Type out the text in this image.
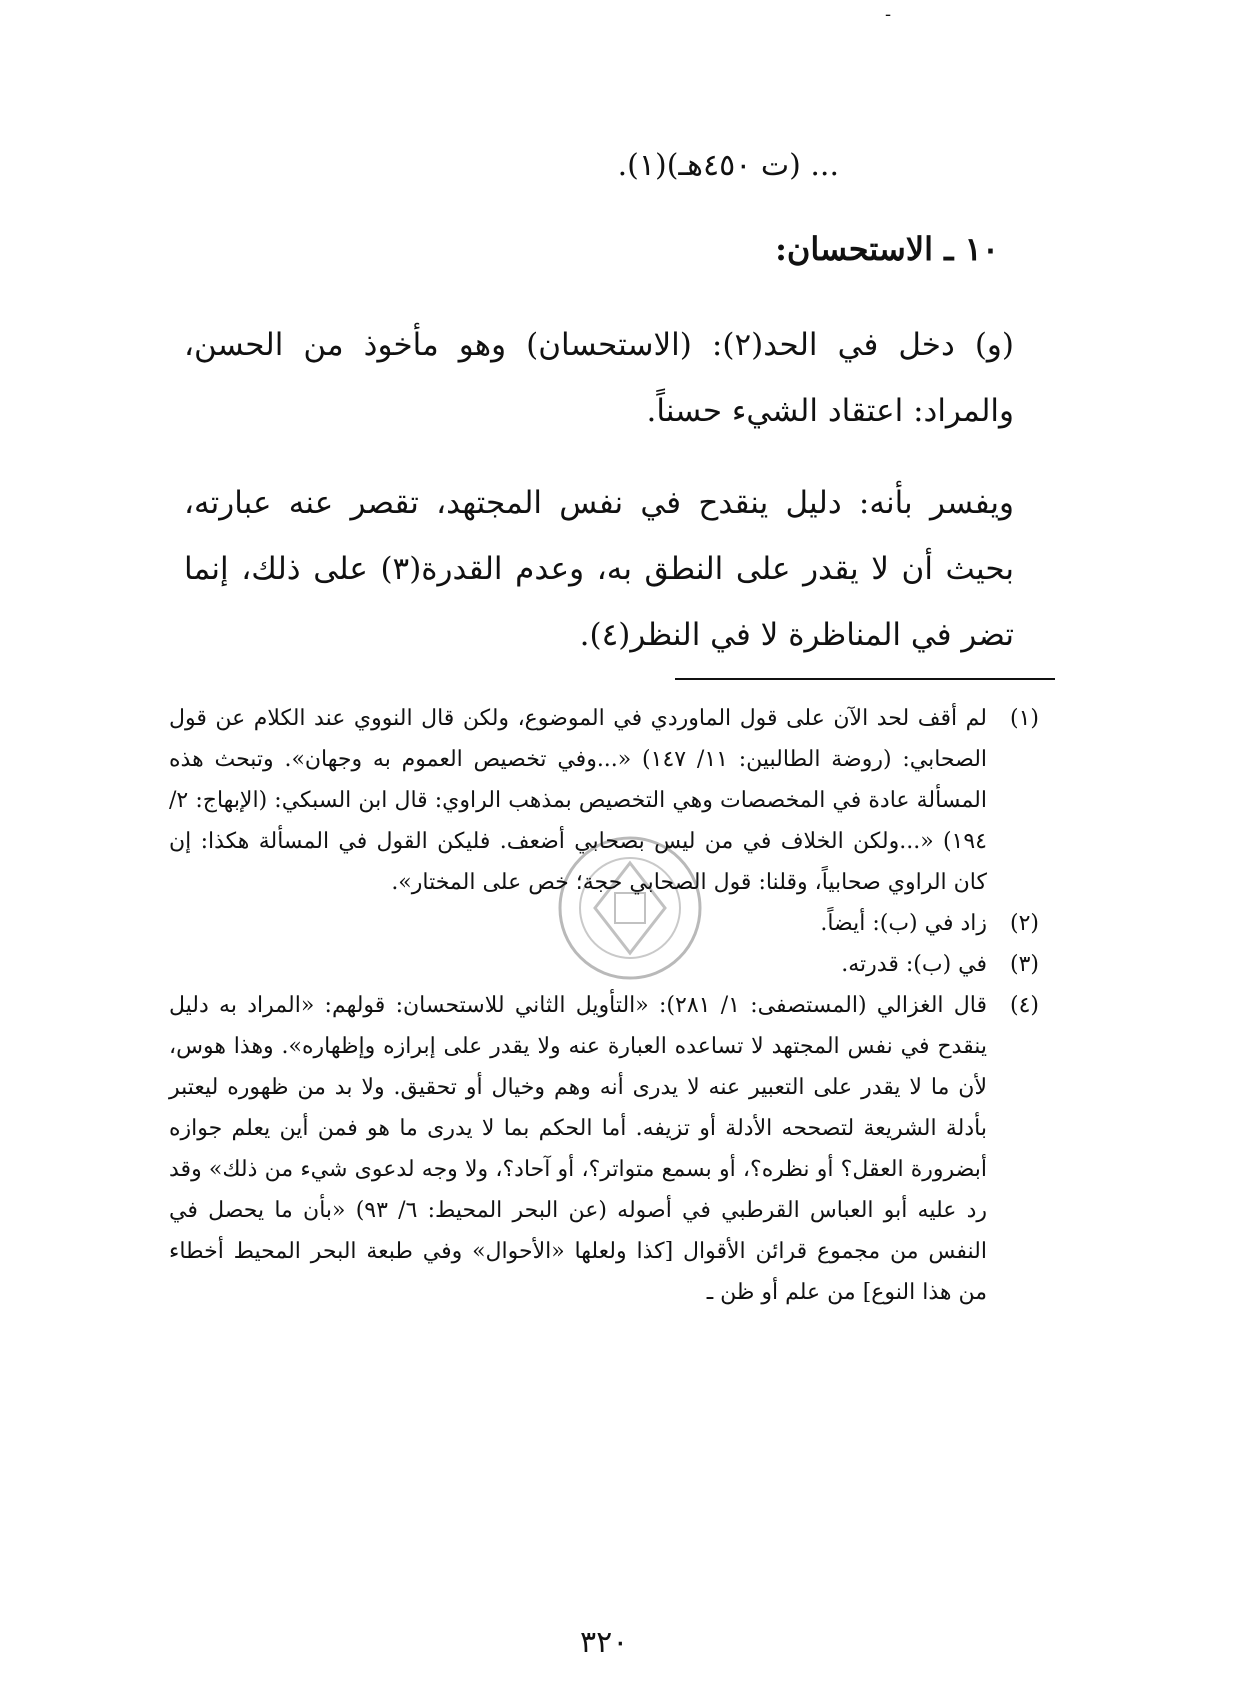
-
... (ت ٤٥٠هـ)(١).
١٠ ـ الاستحسان:
(و) دخل في الحد(٢): (الاستحسان) وهو مأخوذ من الحسن، والمراد: اعتقاد الشيء حسناً.
ويفسر بأنه: دليل ينقدح في نفس المجتهد، تقصر عنه عبارته، بحيث أن لا يقدر على النطق به، وعدم القدرة(٣) على ذلك، إنما تضر في المناظرة لا في النظر(٤).
(١)
لم أقف لحد الآن على قول الماوردي في الموضوع، ولكن قال النووي عند الكلام عن قول الصحابي: (روضة الطالبين: ١١/ ١٤٧) «...وفي تخصيص العموم به وجهان». وتبحث هذه المسألة عادة في المخصصات وهي التخصيص بمذهب الراوي: قال ابن السبكي: (الإبهاج: ٢/ ١٩٤) «...ولكن الخلاف في من ليس بصحابي أضعف. فليكن القول في المسألة هكذا: إن كان الراوي صحابياً، وقلنا: قول الصحابي حجة؛ خص على المختار».
(٢)
زاد في (ب): أيضاً.
(٣)
في (ب): قدرته.
(٤)
قال الغزالي (المستصفى: ١/ ٢٨١): «التأويل الثاني للاستحسان: قولهم: «المراد به دليل ينقدح في نفس المجتهد لا تساعده العبارة عنه ولا يقدر على إبرازه وإظهاره». وهذا هوس، لأن ما لا يقدر على التعبير عنه لا يدرى أنه وهم وخيال أو تحقيق. ولا بد من ظهوره ليعتبر بأدلة الشريعة لتصححه الأدلة أو تزيفه. أما الحكم بما لا يدرى ما هو فمن أين يعلم جوازه أبضرورة العقل؟ أو نظره؟، أو بسمع متواتر؟، أو آحاد؟، ولا وجه لدعوى شيء من ذلك» وقد رد عليه أبو العباس القرطبي في أصوله (عن البحر المحيط: ٦/ ٩٣) «بأن ما يحصل في النفس من مجموع قرائن الأقوال [كذا ولعلها «الأحوال» وفي طبعة البحر المحيط أخطاء من هذا النوع] من علم أو ظن ـ
٣٢٠
